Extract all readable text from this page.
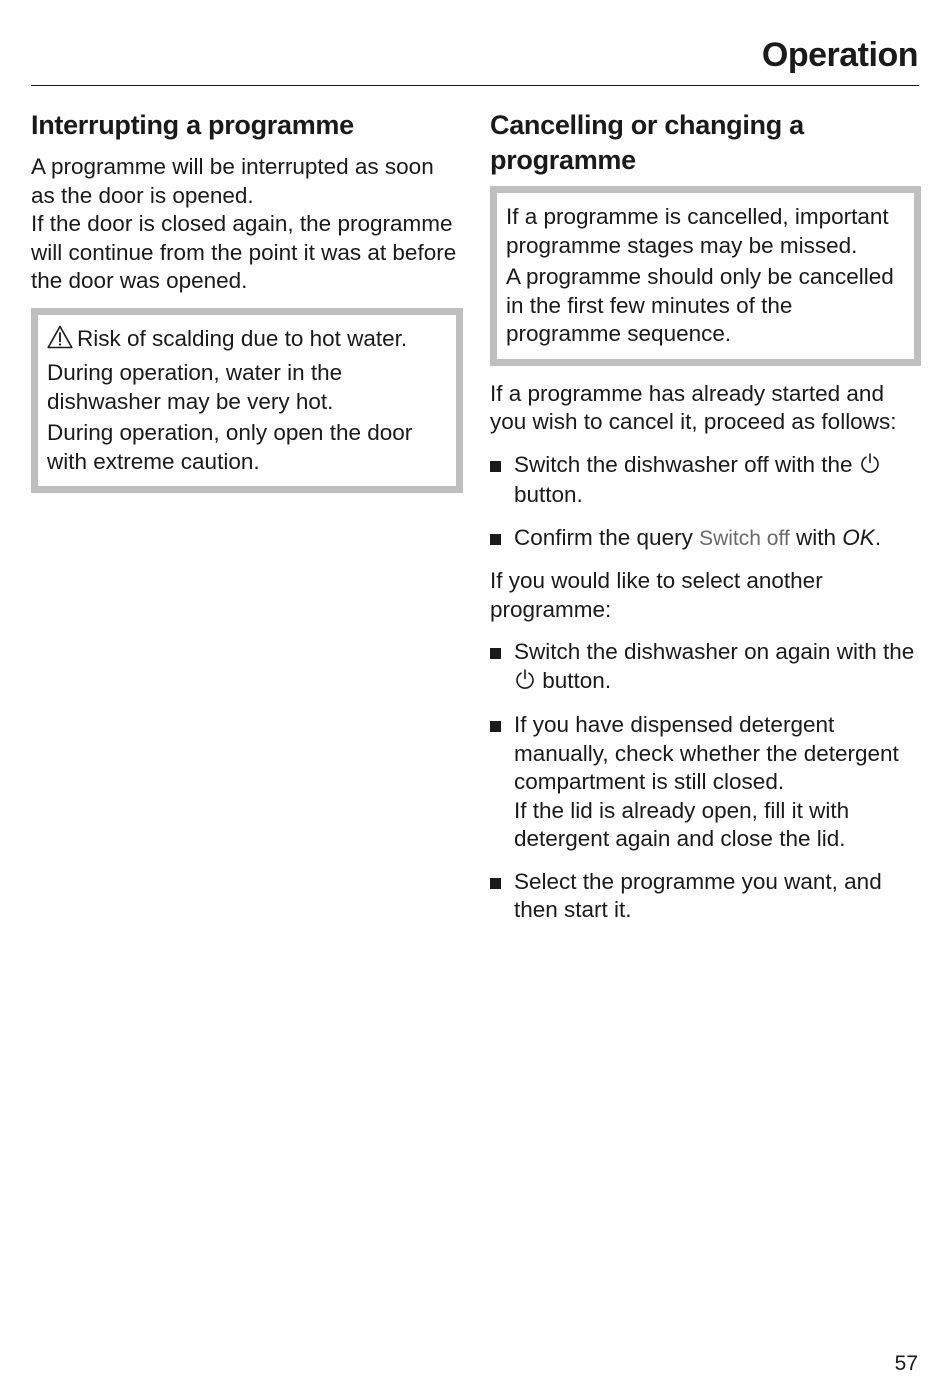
Operation
Interrupting a programme

A programme will be interrupted as soon as the door is opened.

If the door is closed again, the programme will continue from the point it was at before the door was opened.

Risk of scalding due to hot water.

During operation, water in the dishwasher may be very hot.

During operation, only open the door with extreme caution.

Cancelling or changing a programme

If a programme is cancelled, important programme stages may be missed.

A programme should only be cancelled in the first few minutes of the programme sequence.

If a programme has already started and you wish to cancel it, proceed as follows:

Switch the dishwasher off with the  button.
Confirm the query Switch off with OK.

If you would like to select another programme:

Switch the dishwasher on again with the  button.
If you have dispensed detergent manually, check whether the detergent compartment is still closed.
If the lid is already open, fill it with detergent again and close the lid.
Select the programme you want, and then start it.
57
